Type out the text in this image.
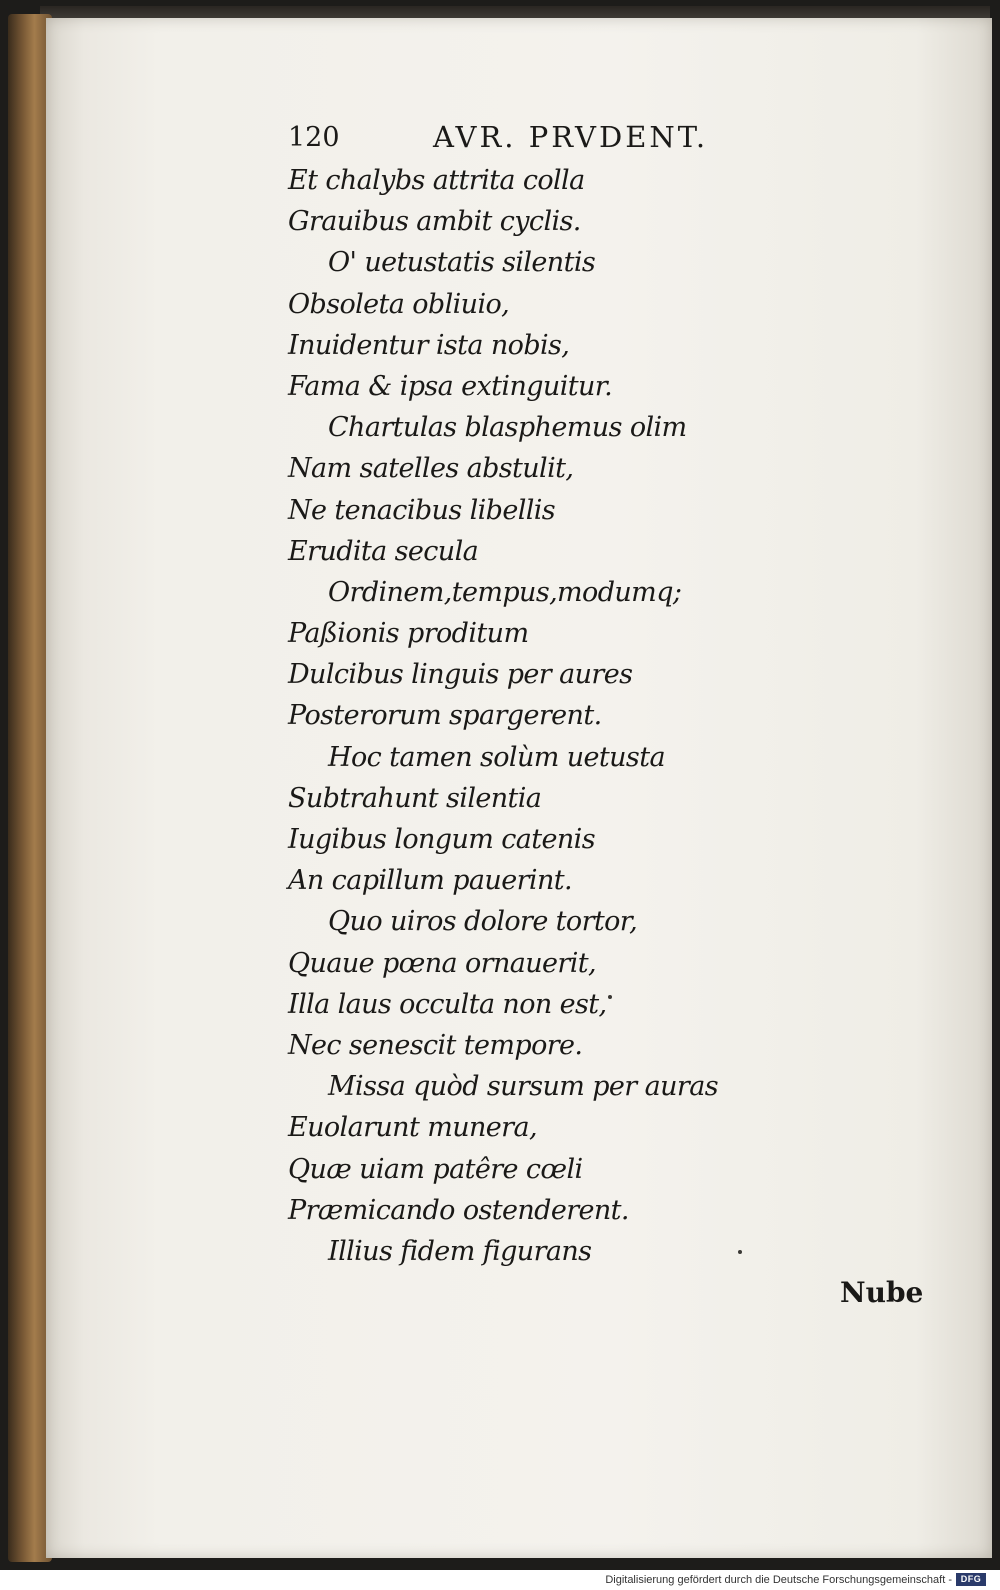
120	AVR. PRVDENT.
Et chalybs attrita colla
Grauibus ambit cyclis.
O' uetustatis silentis
Obsoleta obliuio,
Inuidentur ista nobis,
Fama & ipsa extinguitur.
Chartulas blasphemus olim
Nam satelles abstulit,
Ne tenacibus libellis
Erudita secula
Ordinem,tempus,modumq;
Paßionis proditum
Dulcibus linguis per aures
Posterorum spargerent.
Hoc tamen solùm uetusta
Subtrahunt silentia
Iugibus longum catenis
An capillum pauerint.
Quo uiros dolore tortor,
Quaue pœna ornauerit,
Illa laus occulta non est,
Nec senescit tempore.
Missa quòd sursum per auras
Euolarunt munera,
Quæ uiam patêre cœli
Præmicando ostenderent.
Illius fidem figurans
Nube
Digitalisierung gefördert durch die Deutsche Forschungsgemeinschaft - DFG
